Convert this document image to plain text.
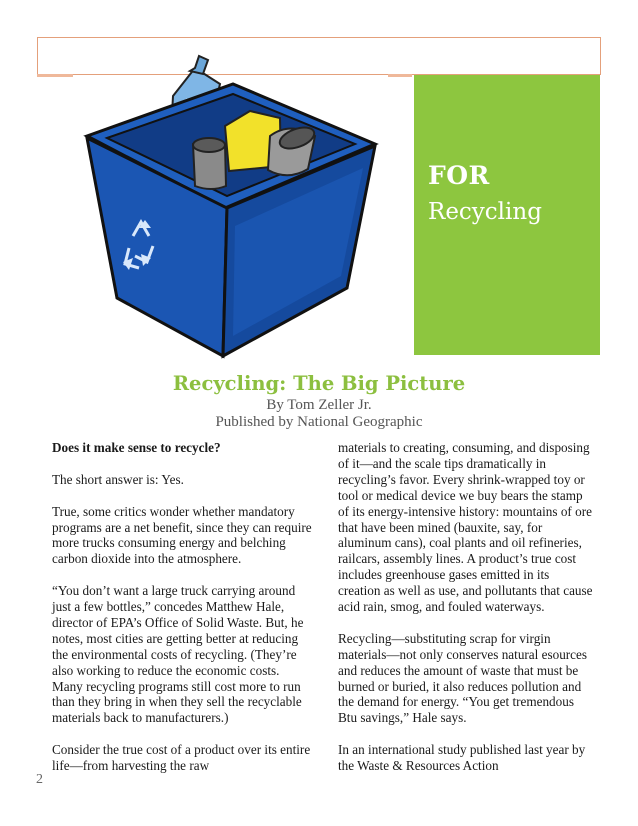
FOR
Recycling
Recycling: The Big Picture
By Tom Zeller Jr.
Published by National Geographic

Does it make sense to recycle?

The short answer is: Yes.

True, some critics wonder whether mandatory programs are a net benefit, since they can require more trucks consuming energy and belching carbon dioxide into the atmosphere.

“You don’t want a large truck carrying around just a few bottles,” concedes Matthew Hale, director of EPA’s Office of Solid Waste. But, he notes, most cities are getting better at reducing the environmental costs of recycling. (They’re also working to reduce the economic costs. Many recycling programs still cost more to run than they bring in when they sell the recyclable materials back to manufacturers.)

Consider the true cost of a product over its entire life—from harvesting the raw

materials to creating, consuming, and disposing of it—and the scale tips dramatically in recycling’s favor. Every shrink-wrapped toy or tool or medical device we buy bears the stamp of its energy-intensive history: mountains of ore that have been mined (bauxite, say, for aluminum cans), coal plants and oil refineries, railcars, assembly lines. A product’s true cost includes greenhouse gases emitted in its creation as well as use, and pollutants that cause acid rain, smog, and fouled waterways.

Recycling—substituting scrap for virgin materials—not only conserves natural esources and reduces the amount of waste that must be burned or buried, it also reduces pollution and the demand for energy. “You get tremendous Btu savings,” Hale says.

In an international study published last year by the Waste & Resources Action

2
